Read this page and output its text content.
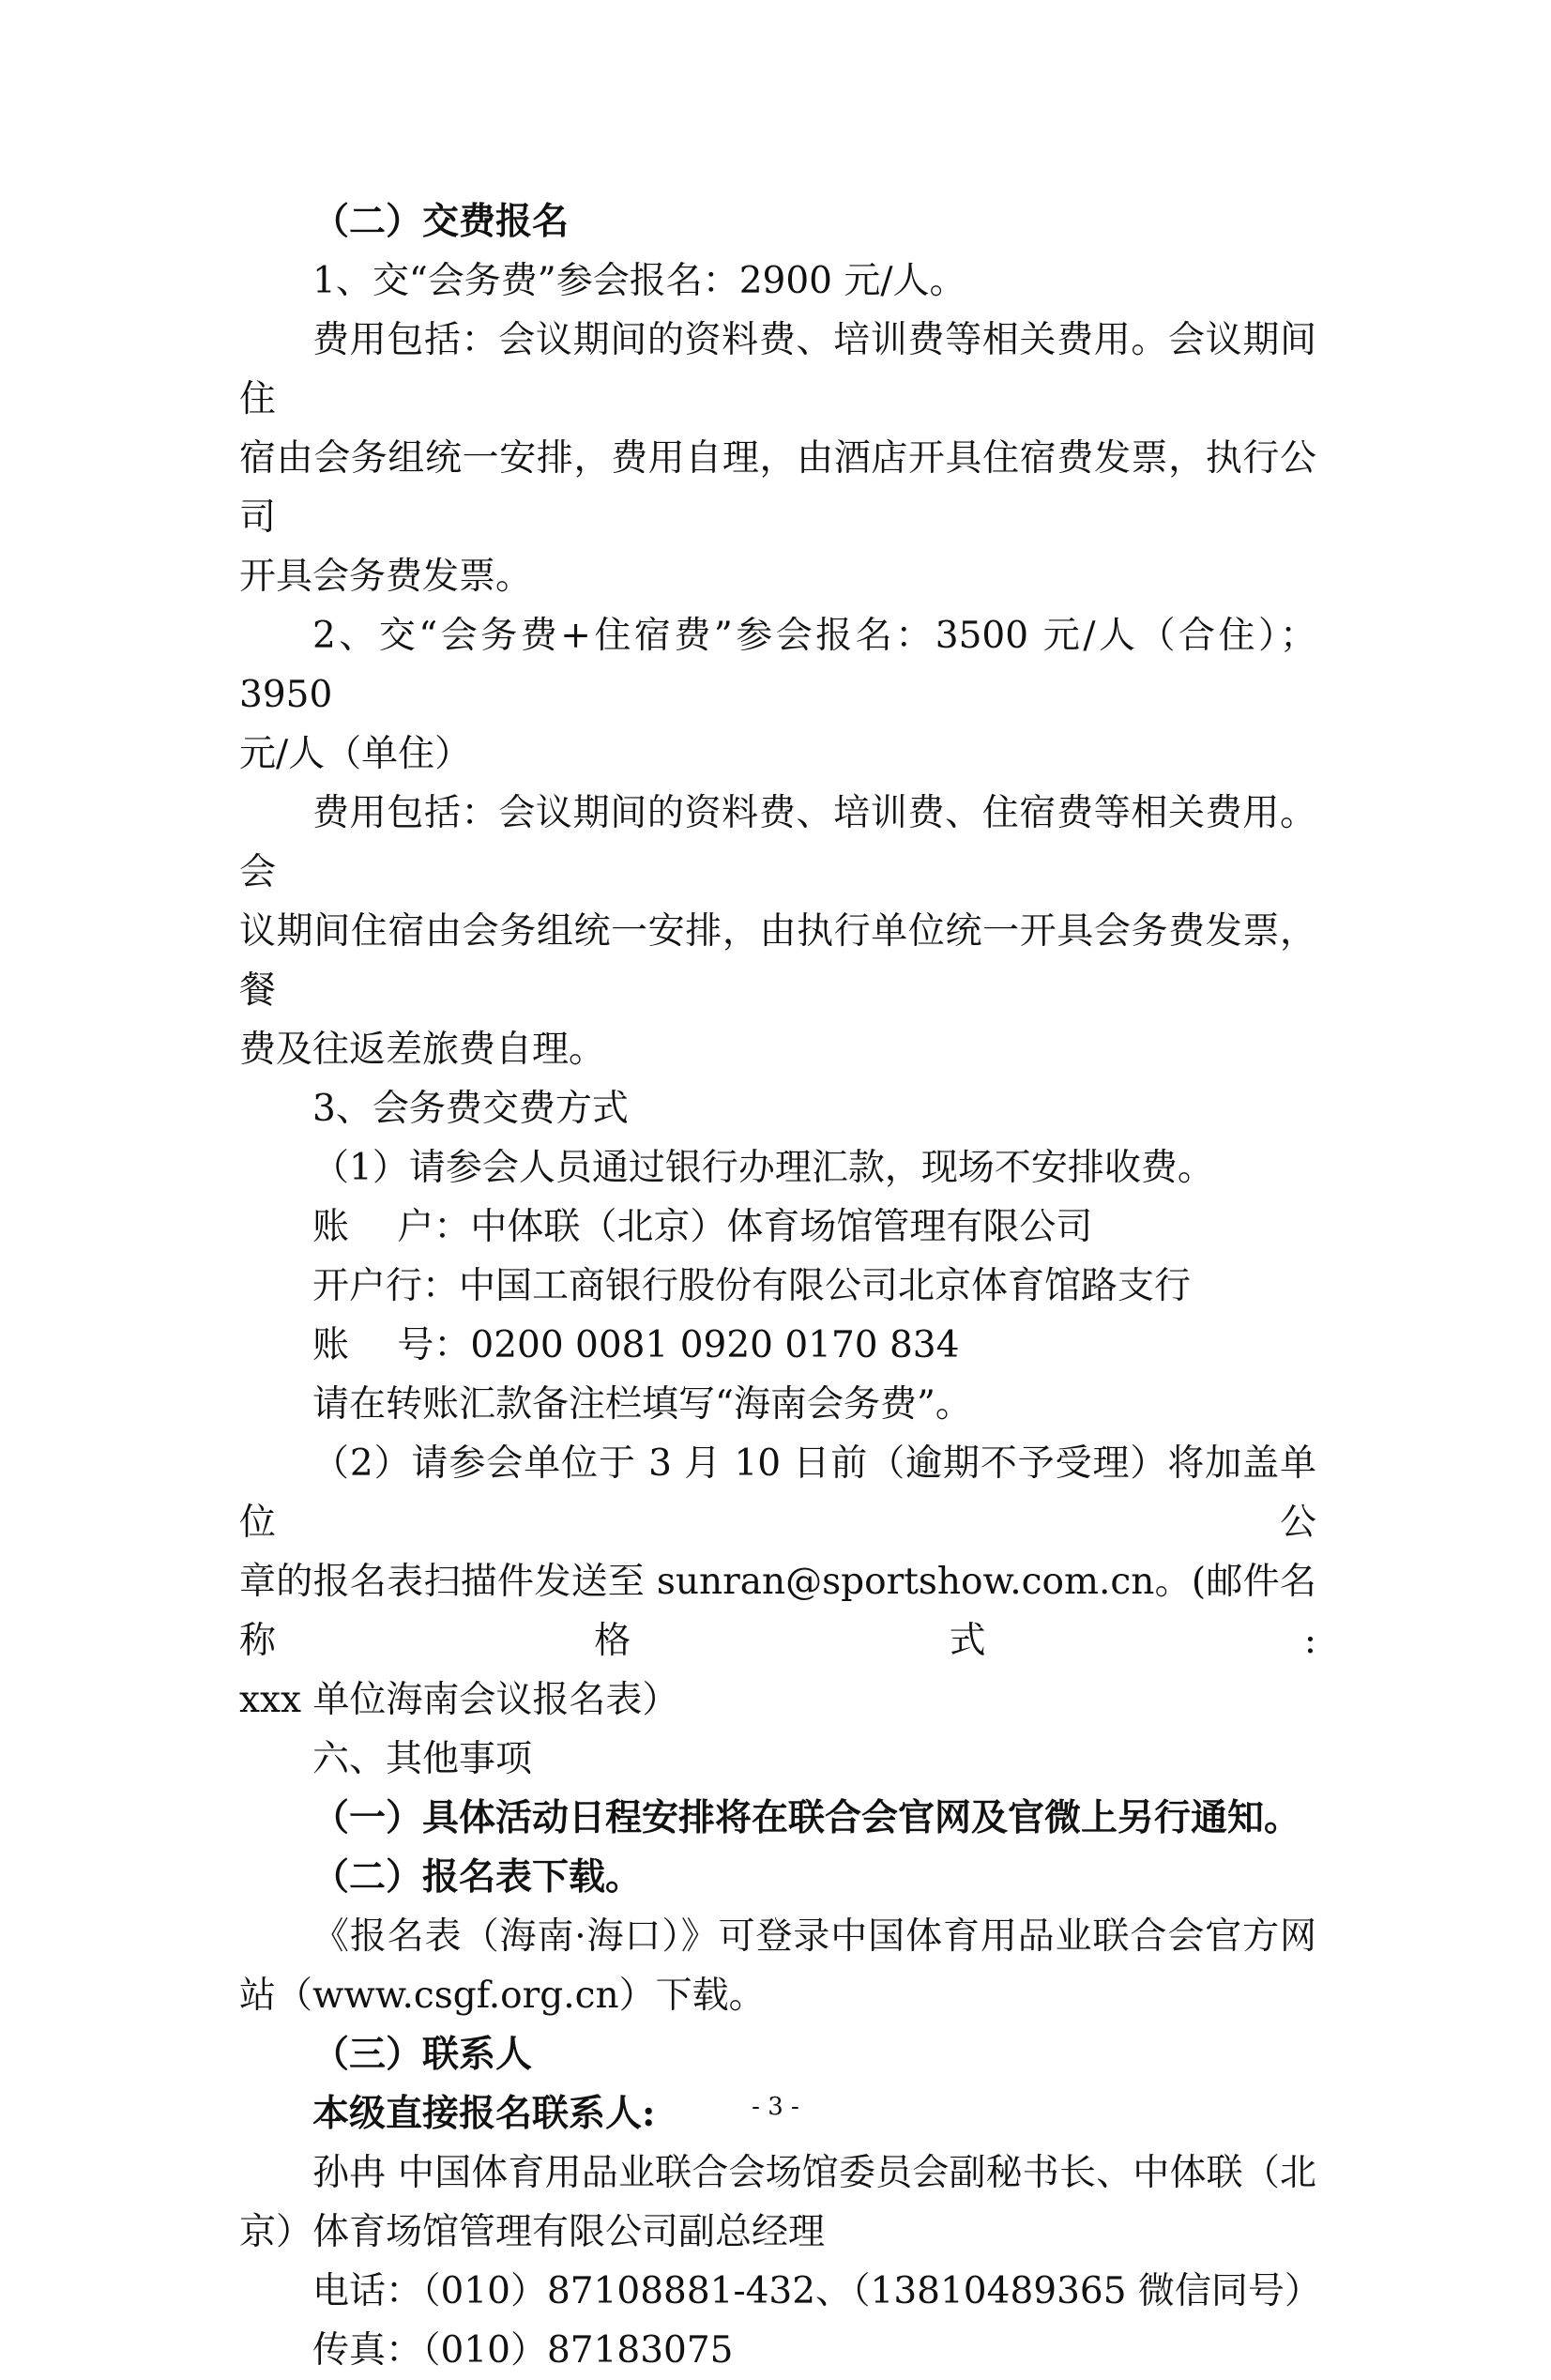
（二）交费报名

1、交“会务费”参会报名：2900 元/人。

费用包括：会议期间的资料费、培训费等相关费用。会议期间住

宿由会务组统一安排，费用自理，由酒店开具住宿费发票，执行公司

开具会务费发票。

2、交“会务费+住宿费”参会报名：3500 元/人（合住）；3950

元/人（单住）

费用包括：会议期间的资料费、培训费、住宿费等相关费用。会

议期间住宿由会务组统一安排，由执行单位统一开具会务费发票，餐

费及往返差旅费自理。

3、会务费交费方式

（1）请参会人员通过银行办理汇款，现场不安排收费。

账　 户：中体联（北京）体育场馆管理有限公司

开户行：中国工商银行股份有限公司北京体育馆路支行

账　 号：0200 0081 0920 0170 834

请在转账汇款备注栏填写“海南会务费”。

（2）请参会单位于 3 月 10 日前（逾期不予受理）将加盖单位公

章的报名表扫描件发送至 sunran@sportshow.com.cn。(邮件名称格式:

xxx 单位海南会议报名表）

六、其他事项

（一）具体活动日程安排将在联合会官网及官微上另行通知。

（二）报名表下载。

《报名表（海南·海口）》可登录中国体育用品业联合会官方网

站（www.csgf.org.cn）下载。

（三）联系人

本级直接报名联系人:

孙冉 中国体育用品业联合会场馆委员会副秘书长、中体联（北

京）体育场馆管理有限公司副总经理

电话：（010）87108881-432、（13810489365 微信同号）

传真：（010）87183075

- 3 -
